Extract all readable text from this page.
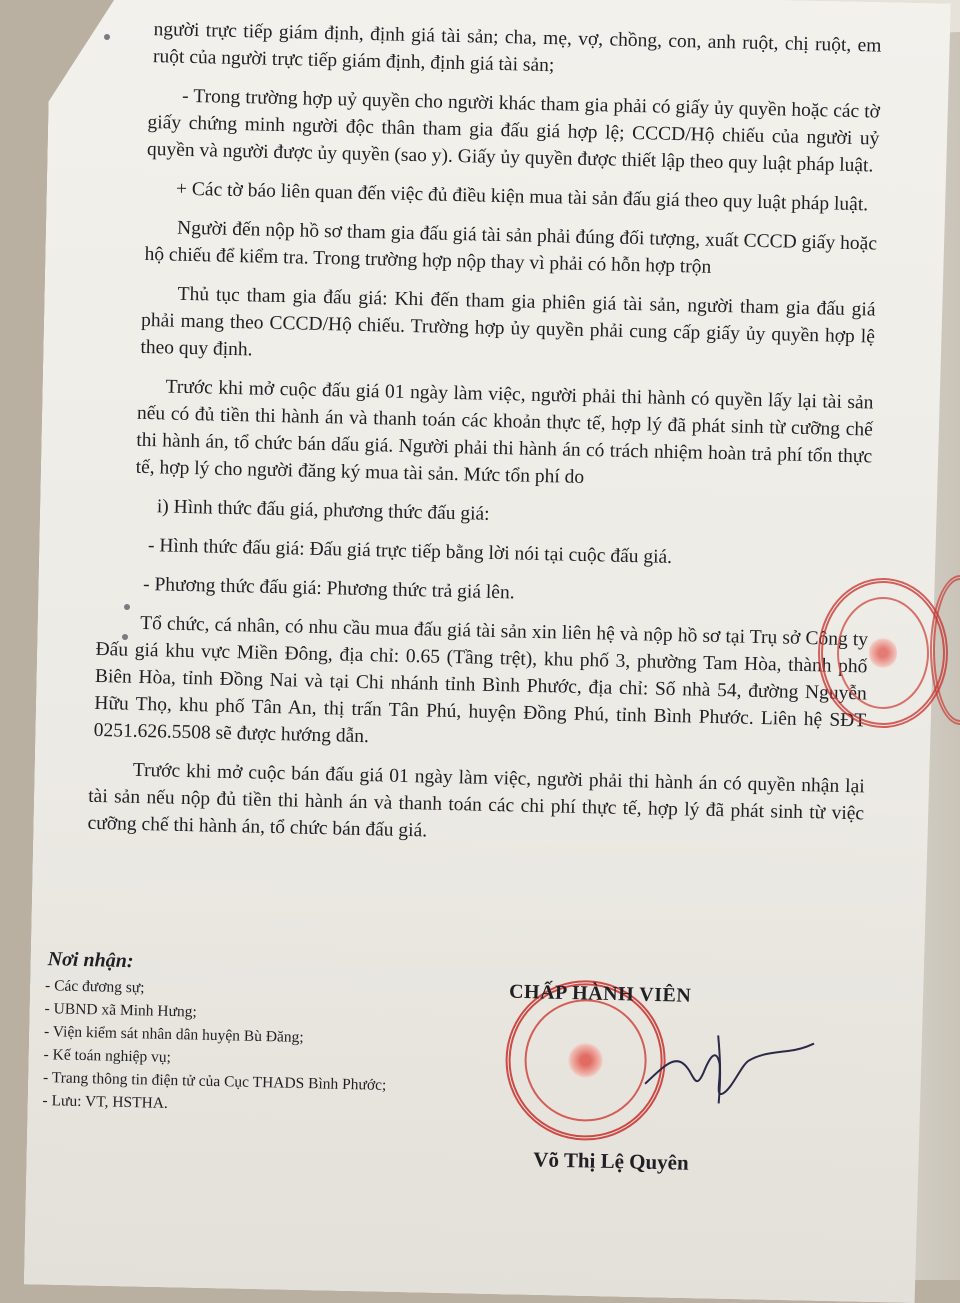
người trực tiếp giám định, định giá tài sản; cha, mẹ, vợ, chồng, con, anh ruột, chị ruột, em ruột của người trực tiếp giám định, định giá tài sản;

- Trong trường hợp uỷ quyền cho người khác tham gia phải có giấy ủy quyền hoặc các tờ giấy chứng minh người độc thân tham gia đấu giá hợp lệ; CCCD/Hộ chiếu của người uỷ quyền và người được ủy quyền (sao y). Giấy ủy quyền được thiết lập theo quy luật pháp luật.

+ Các tờ báo liên quan đến việc đủ điều kiện mua tài sản đấu giá theo quy luật pháp luật.

Người đến nộp hồ sơ tham gia đấu giá tài sản phải đúng đối tượng, xuất CCCD giấy hoặc hộ chiếu để kiểm tra. Trong trường hợp nộp thay vì phải có hỗn hợp trộn

Thủ tục tham gia đấu giá: Khi đến tham gia phiên giá tài sản, người tham gia đấu giá phải mang theo CCCD/Hộ chiếu. Trường hợp ủy quyền phải cung cấp giấy ủy quyền hợp lệ theo quy định.

Trước khi mở cuộc đấu giá 01 ngày làm việc, người phải thi hành có quyền lấy lại tài sản nếu có đủ tiền thi hành án và thanh toán các khoản thực tế, hợp lý đã phát sinh từ cưỡng chế thi hành án, tổ chức bán dấu giá. Người phải thi hành án có trách nhiệm hoàn trả phí tổn thực tế, hợp lý cho người đăng ký mua tài sản. Mức tổn phí do

i) Hình thức đấu giá, phương thức đấu giá:

- Hình thức đấu giá: Đấu giá trực tiếp bằng lời nói tại cuộc đấu giá.

- Phương thức đấu giá: Phương thức trả giá lên.

Tổ chức, cá nhân, có nhu cầu mua đấu giá tài sản xin liên hệ và nộp hồ sơ tại Trụ sở Công ty Đấu giá khu vực Miền Đông, địa chỉ: 0.65 (Tầng trệt), khu phố 3, phường Tam Hòa, thành phố Biên Hòa, tỉnh Đồng Nai và tại Chi nhánh tỉnh Bình Phước, địa chỉ: Số nhà 54, đường Nguyễn Hữu Thọ, khu phố Tân An, thị trấn Tân Phú, huyện Đồng Phú, tỉnh Bình Phước. Liên hệ SĐT 0251.626.5508 sẽ được hướng dẫn.

Trước khi mở cuộc bán đấu giá 01 ngày làm việc, người phải thi hành án có quyền nhận lại tài sản nếu nộp đủ tiền thi hành án và thanh toán các chi phí thực tế, hợp lý đã phát sinh từ việc cưỡng chế thi hành án, tổ chức bán đấu giá.

Nơi nhận:
- Các đương sự;
- UBND xã Minh Hưng;
- Viện kiểm sát nhân dân huyện Bù Đăng;
- Kế toán nghiệp vụ;
- Trang thông tin điện tử của Cục THADS Bình Phước;
- Lưu: VT, HSTHA.
CHẤP HÀNH VIÊN
Võ Thị Lệ Quyên
